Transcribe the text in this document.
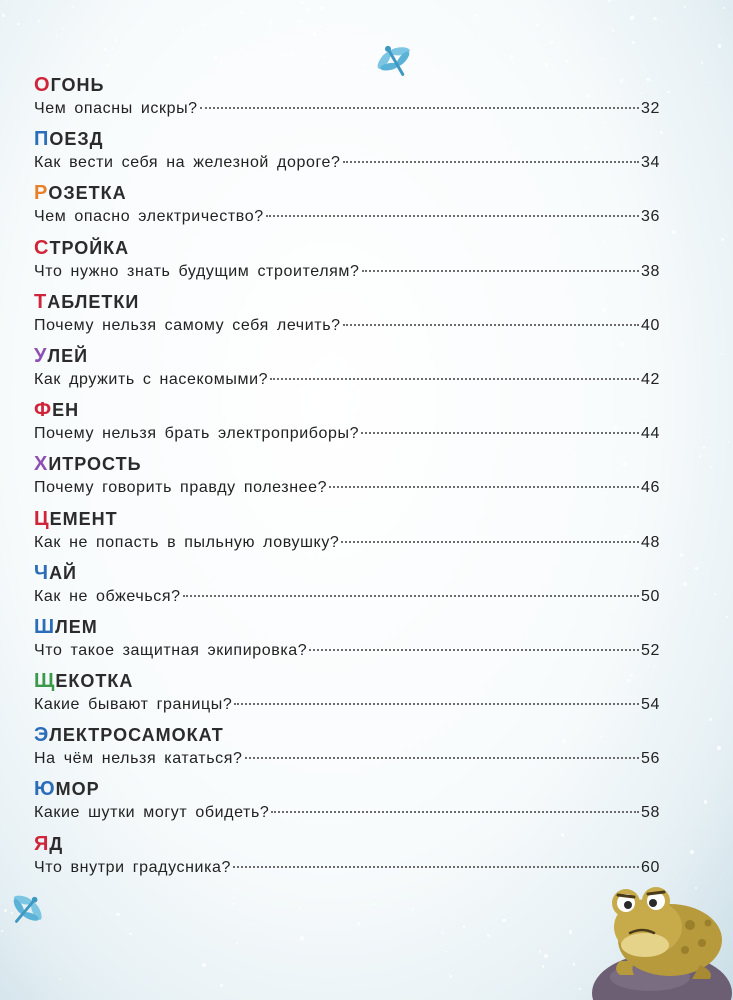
ОГОНЬ
Чем опасны искры?	32
ПОЕЗД
Как вести себя на железной дороге?	34
РОЗЕТКА
Чем опасно электричество?	36
СТРОЙКА
Что нужно знать будущим строителям?	38
ТАБЛЕТКИ
Почему нельзя самому себя лечить?	40
УЛЕЙ
Как дружить с насекомыми?	42
ФЕН
Почему нельзя брать электроприборы?	44
ХИТРОСТЬ
Почему говорить правду полезнее?	46
ЦЕМЕНТ
Как не попасть в пыльную ловушку?	48
ЧАЙ
Как не обжечься?	50
ШЛЕМ
Что такое защитная экипировка?	52
ЩЕКОТКА
Какие бывают границы?	54
ЭЛЕКТРОСАМОКАТ
На чём нельзя кататься?	56
ЮМОР
Какие шутки могут обидеть?	58
ЯД
Что внутри градусника?	60
